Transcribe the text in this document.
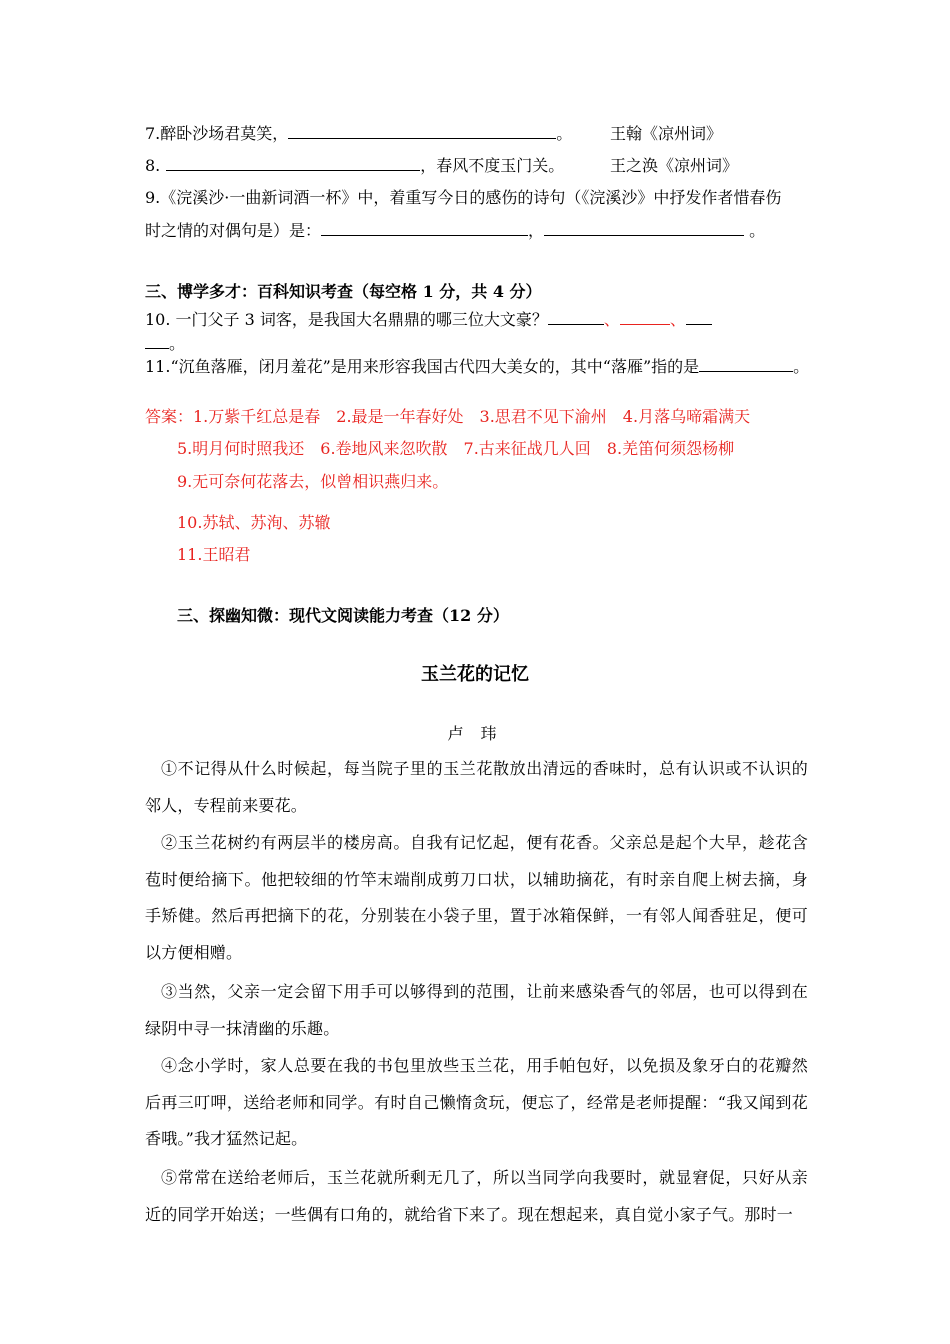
7.醉卧沙场君莫笑，	。 王翰《凉州词》
8.	，春风不度玉门关。	王之涣《凉州词》
9.《浣溪沙·一曲新词酒一杯》中，着重写今日的感伤的诗句（《浣溪沙》中抒发作者惜春伤
时之情的对偶句是）是：	，	。
三、博学多才：百科知识考查（每空格 1 分，共 4 分）
10. 一门父子 3 词客，是我国大名鼎鼎的哪三位大文豪？	、	、
。
11.“沉鱼落雁，闭月羞花”是用来形容我国古代四大美女的，其中“落雁”指的是	。
答案：1.万紫千红总是春　2.最是一年春好处　3.思君不见下渝州　4.月落乌啼霜满天
5.明月何时照我还　6.卷地风来忽吹散　7.古来征战几人回　8.羌笛何须怨杨柳
9.无可奈何花落去，似曾相识燕归来。
10.苏轼、苏洵、苏辙
11.王昭君
三、探幽知微：现代文阅读能力考查（12 分）
玉兰花的记忆
卢 玮
①不记得从什么时候起，每当院子里的玉兰花散放出清远的香味时，总有认识或不认识的邻人，专程前来要花。
②玉兰花树约有两层半的楼房高。自我有记忆起，便有花香。父亲总是起个大早，趁花含苞时便给摘下。他把较细的竹竿末端削成剪刀口状，以辅助摘花，有时亲自爬上树去摘，身手矫健。然后再把摘下的花，分别装在小袋子里，置于冰箱保鲜，一有邻人闻香驻足，便可以方便相赠。
③当然，父亲一定会留下用手可以够得到的范围，让前来感染香气的邻居，也可以得到在绿阴中寻一抹清幽的乐趣。
④念小学时，家人总要在我的书包里放些玉兰花，用手帕包好，以免损及象牙白的花瓣然后再三叮呷，送给老师和同学。有时自己懒惰贪玩，便忘了，经常是老师提醒：“我又闻到花香哦。”我才猛然记起。
⑤常常在送给老师后，玉兰花就所剩无几了，所以当同学向我要时，就显窘促，只好从亲近的同学开始送；一些偶有口角的，就给省下来了。现在想起来，真自觉小家子气。那时一
